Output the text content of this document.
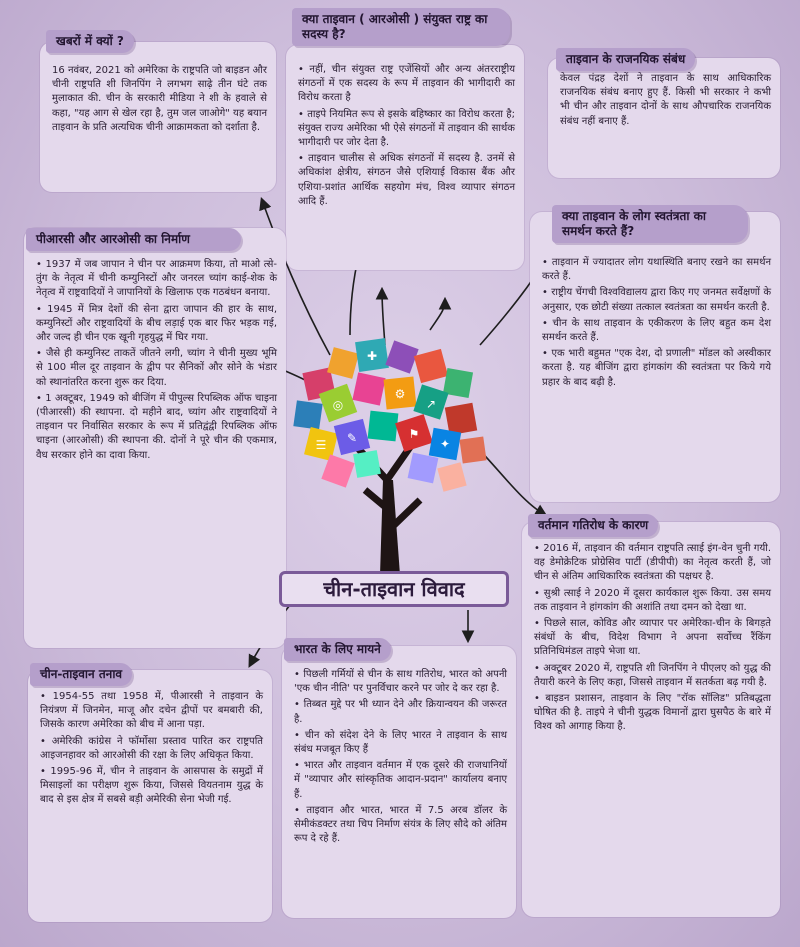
✚
◎
⚙
↗
✎	⚑
☰	✦

16 नवंबर, 2021 को अमेरिका के राष्ट्रपति जो बाइडन और चीनी राष्ट्रपति शी जिनपिंग ने लगभग साढ़े तीन घंटे तक मुलाकात की. चीन के सरकारी मीडिया ने शी के हवाले से कहा, "यह आग से खेल रहा है, तुम जल जाओगे" यह बयान ताइवान के प्रति अत्यधिक चीनी आक्रामकता को दर्शाता है.

खबरों में क्यों ?

• नहीं, चीन संयुक्त राष्ट्र एजेंसियों और अन्य अंतरराष्ट्रीय संगठनों में एक सदस्य के रूप में ताइवान की भागीदारी का विरोध करता है

• ताइपे नियमित रूप से इसके बहिष्कार का विरोध करता है; संयुक्त राज्य अमेरिका भी ऐसे संगठनों में ताइवान की सार्थक भागीदारी पर जोर देता है.

• ताइवान चालीस से अधिक संगठनों में सदस्य है. उनमें से अधिकांश क्षेत्रीय, संगठन जैसे एशियाई विकास बैंक और एशिया-प्रशांत आर्थिक सहयोग मंच, विश्व व्यापार संगठन आदि हैं.

क्या ताइवान ( आरओसी ) संयुक्त राष्ट्र का सदस्य है?

केवल पंद्रह देशों ने ताइवान के साथ आधिकारिक राजनयिक संबंध बनाए हुए हैं. किसी भी सरकार ने कभी भी चीन और ताइवान दोनों के साथ औपचारिक राजनयिक संबंध नहीं बनाए हैं.

ताइवान के राजनयिक संबंध

• 1937 में जब जापान ने चीन पर आक्रमण किया, तो माओ त्से-तुंग के नेतृत्व में चीनी कम्युनिस्टों और जनरल च्यांग काई-शेक के नेतृत्व में राष्ट्रवादियों ने जापानियों के खिलाफ एक गठबंधन बनाया.

• 1945 में मित्र देशों की सेना द्वारा जापान की हार के साथ, कम्युनिस्टों और राष्ट्रवादियों के बीच लड़ाई एक बार फिर भड़क गई, और जल्द ही चीन एक खूनी गृहयुद्ध में घिर गया.

• जैसे ही कम्युनिस्ट ताकतें जीतने लगी, च्यांग ने चीनी मुख्य भूमि से 100 मील दूर ताइवान के द्वीप पर सैनिकों और सोने के भंडार को स्थानांतरित करना शुरू कर दिया.

• 1 अक्टूबर, 1949 को बीजिंग में पीपुल्स रिपब्लिक ऑफ चाइना (पीआरसी) की स्थापना. दो महीने बाद, च्यांग और राष्ट्रवादियों ने ताइवान पर निर्वासित सरकार के रूप में प्रतिद्वंद्वी रिपब्लिक ऑफ चाइना (आरओसी) की स्थापना की. दोनों ने पूरे चीन की एकमात्र, वैध सरकार होने का दावा किया.

पीआरसी और आरओसी का निर्माण

• ताइवान में ज्यादातर लोग यथास्थिति बनाए रखने का समर्थन करते हैं.

• राष्ट्रीय चेंगची विश्वविद्यालय द्वारा किए गए जनमत सर्वेक्षणों के अनुसार, एक छोटी संख्या तत्काल स्वतंत्रता का समर्थन करती है.

• चीन के साथ ताइवान के एकीकरण के लिए बहुत कम देश समर्थन करते हैं.

• एक भारी बहुमत "एक देश, दो प्रणाली" मॉडल को अस्वीकार करता है. यह बीजिंग द्वारा हांगकांग की स्वतंत्रता पर किये गये प्रहार के बाद बढ़ी है.

क्या ताइवान के लोग स्वतंत्रता का समर्थन करते हैं?

• 2016 में, ताइवान की वर्तमान राष्ट्रपति त्साई इंग-वेन चुनी गयी. वह डेमोक्रेटिक प्रोग्रेसिव पार्टी (डीपीपी) का नेतृत्व करती हैं, जो चीन से अंतिम आधिकारिक स्वतंत्रता की पक्षधर है.

• सुश्री त्साई ने 2020 में दूसरा कार्यकाल शुरू किया. उस समय तक ताइवान ने हांगकांग की अशांति तथा दमन को देखा था.

• पिछले साल, कोविड और व्यापार पर अमेरिका-चीन के बिगड़ते संबंधों के बीच, विदेश विभाग ने अपना सर्वोच्च रैंकिंग प्रतिनिधिमंडल ताइपे भेजा था.

• अक्टूबर 2020 में, राष्ट्रपति शी जिनपिंग ने पीएलए को युद्ध की तैयारी करने के लिए कहा, जिससे ताइवान में सतर्कता बढ़ गयी है.

• बाइडन प्रशासन, ताइवान के लिए "रॉक सॉलिड" प्रतिबद्धता घोषित की है. ताइपे ने चीनी युद्धक विमानों द्वारा घुसपैठ के बारे में विश्व को आगाह किया है.

वर्तमान गतिरोध के कारण

• 1954-55 तथा 1958 में, पीआरसी ने ताइवान के नियंत्रण में जिनमेन, माजू और दचेन द्वीपों पर बमबारी की, जिसके कारण अमेरिका को बीच में आना पड़ा.

• अमेरिकी कांग्रेस ने फॉर्मोसा प्रस्ताव पारित कर राष्ट्रपति आइजनहावर को आरओसी की रक्षा के लिए अधिकृत किया.

• 1995-96 में, चीन ने ताइवान के आसपास के समुद्रों में मिसाइलों का परीक्षण शुरू किया, जिससे वियतनाम युद्ध के बाद से इस क्षेत्र में सबसे बड़ी अमेरिकी सेना भेजी गई.

चीन-ताइवान तनाव

•	पिछली गर्मियों से चीन के साथ गतिरोध, भारत को अपनी 'एक चीन नीति' पर पुनर्विचार करने पर जोर दे कर रहा है.

• तिब्बत मुद्दे पर भी ध्यान देने और क्रियान्वयन की जरूरत है.

• चीन को संदेश देने के लिए भारत ने ताइवान के साथ संबंध मजबूत किए हैं

• भारत और ताइवान वर्तमान में एक दूसरे की राजधानियों में "व्यापार और सांस्कृतिक आदान-प्रदान" कार्यालय बनाए हैं.

• ताइवान और भारत, भारत में 7.5 अरब डॉलर के सेमीकंडक्टर तथा चिप निर्माण संयंत्र के लिए सौदे को अंतिम रूप दे रहे हैं.

भारत के लिए मायने
चीन-ताइवान विवाद
